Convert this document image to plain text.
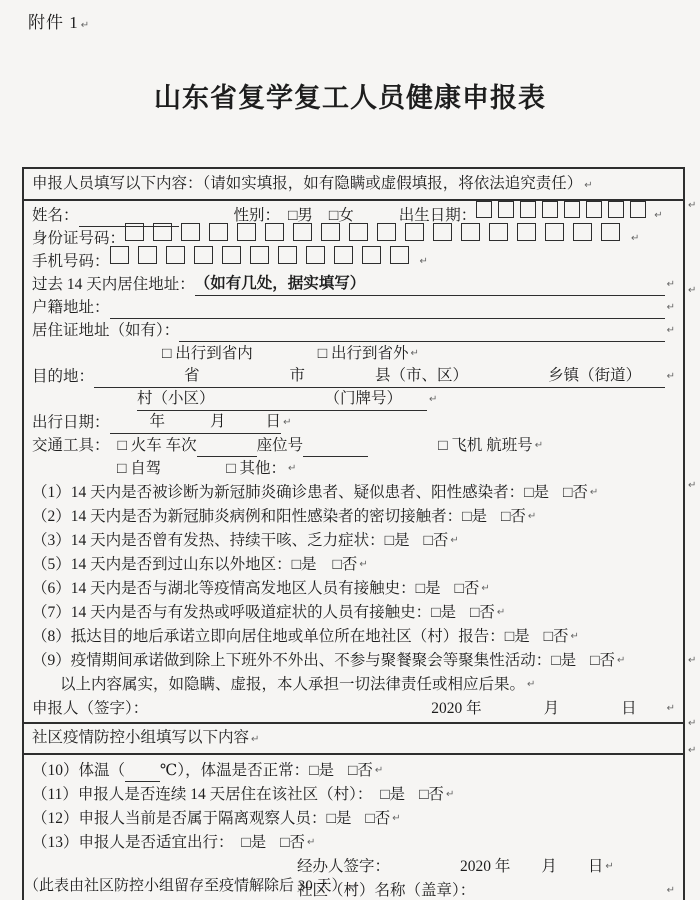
附件 1 ↵
山东省复学复工人员健康申报表
申报人员填写以下内容：（请如实填报，如有隐瞒或虚假填报，将依法追究责任） ↵
姓名：	性别： □男 □女	出生日期：
↵
身份证号码：
↵
手机号码：
↵
过去 14 天内居住地址： （如有几处，据实填写）
↵
户籍地址：
↵
居住证地址（如有）：
↵
□ 出行到省内	□ 出行到省外
↵
目的地：	省	市	县（市、区）	乡镇（街道）
↵
村（小区）	（门牌号）
↵
出行日期：	年	月	日
↵
交通工具： □ 火车 车次	座位号	□ 飞机 航班号
↵
□ 自驾	□ 其他：
↵
（1）14 天内是否被诊断为新冠肺炎确诊患者、疑似患者、阳性感染者： □是 □否
↵
（2）14 天内是否为新冠肺炎病例和阳性感染者的密切接触者： □是 □否
↵
（3）14 天内是否曾有发热、持续干咳、乏力症状： □是 □否
↵
（5）14 天内是否到过山东以外地区： □是 □否
↵
（6）14 天内是否与湖北等疫情高发地区人员有接触史： □是 □否
↵
（7）14 天内是否与有发热或呼吸道症状的人员有接触史： □是 □否
↵
（8）抵达目的地后承诺立即向居住地或单位所在地社区（村）报告： □是 □否
↵
（9）疫情期间承诺做到除上下班外不外出、不参与聚餐聚会等聚集性活动： □是 □否
↵
以上内容属实，如隐瞒、虚报，本人承担一切法律责任或相应后果。
↵
申报人（签字）：	2020 年　　　　月　　　　日
↵
社区疫情防控小组填写以下内容 ↵
（10）体温（ ℃），体温是否正常： □是 □否
↵
（11）申报人是否连续 14 天居住在该社区（村）：　 □是 □否
↵
（12）申报人当前是否属于隔离观察人员： □是 □否
↵
（13）申报人是否适宜出行：　 □是 □否
↵
经办人签字：	2020 年　　月　　日
↵
社区（村）名称（盖章）：
↵
↵
↵
↵
↵
↵
↵
（此表由社区防控小组留存至疫情解除后 30 天） ↵
